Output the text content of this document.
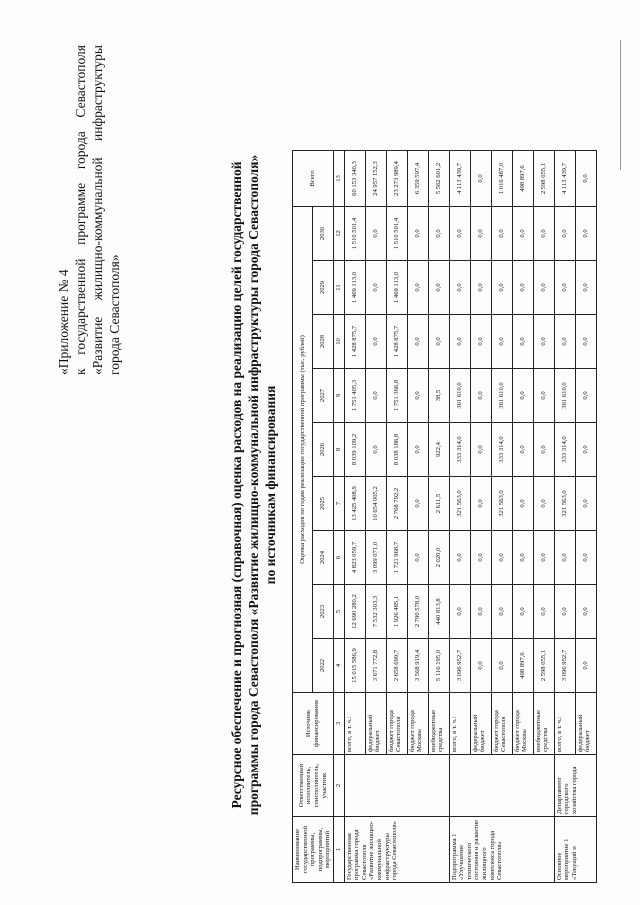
«Приложение № 4 к
государственной
программе
города
Севастополя
«Развитие
жилищно-коммунальной
инфраструктуры
города Севастополя»	Ресурсное обеспечение и прогнозная (справочная) оценка расходов на реализацию целей государственной программы города Севастополя «Развитие жилищно-коммунальной инфраструктуры города Севастополя» по источникам финансирования
Наименование государственной программы, подпрограммы, мероприятий	Ответственный исполнитель, соисполнитель, участник	Источник финансирования	Оценка расходов по годам реализации государственной программы (тыс. рублей)									Всего
			2022	2023	2024	2025	2026	2027	2028	2029	2030	
1	2	3	4	5	6	7	8	9	10	11	12	13
Государственная программа города Севастополя «Развитие жилищно-коммунальной инфраструктуры города Севастополя»		всего, в т. ч.:	15 015 586,9	12 690 280,2	4 823 059,7	13 425 408,9	8 039 109,2	1 751 405,3	1 428 875,7	1 469 113,0	1 510 501,4	60 153 340,3
		федеральный бюджет	3 671 772,8	7 532 303,3	3 099 071,0	10 654 005,2	0,0	0,0	0,0	0,0	0,0	24 957 152,3
		бюджет города Севастополя	2 658 699,7	1 926 485,1	1 721 968,7	2 768 792,2	8 038 186,8	1 751 366,8	1 428 875,7	1 469 113,0	1 510 501,4	23 273 989,4
		бюджет города Москвы	3 568 919,4	2 790 578,0	0,0	0,0	0,0	0,0	0,0	0,0	0,0	6 359 597,4
		внебюджетные средства	5 116 195,0	440 813,8	2 020,0	2 611,5	922,4	38,5	0,0	0,0	0,0	5 562 601,2
Подпрограмма 1 «Улучшение технического состояния и развитие жилищного комплекса города Севастополя»		всего, в т. ч.:	3 096 952,7	0,0	0,0	321 563,0	333 314,0	361 610,0	0,0	0,0	0,0	4 113 439,7
		федеральный бюджет	0,0	0,0	0,0	0,0	0,0	0,0	0,0	0,0	0,0	0,0
		бюджет города Севастополя	0,0	0,0	0,0	321 563,0	333 314,0	361 610,0	0,0	0,0	0,0	1 016 487,0
		бюджет города Москвы	498 897,6	0,0	0,0	0,0	0,0	0,0	0,0	0,0	0,0	498 897,6
		внебюджетные средства	2 598 055,1	0,0	0,0	0,0	0,0	0,0	0,0	0,0	0,0	2 598 055,1
Основное мероприятие 1 «Текущий и	Департамент городского хозяйства города	всего, в т. ч.:	3 096 952,7	0,0	0,0	321 563,0	333 314,0	361 610,0	0,0	0,0	0,0	4 113 439,7
		федеральный бюджет	0,0	0,0	0,0	0,0	0,0	0,0	0,0	0,0	0,0	0,0
